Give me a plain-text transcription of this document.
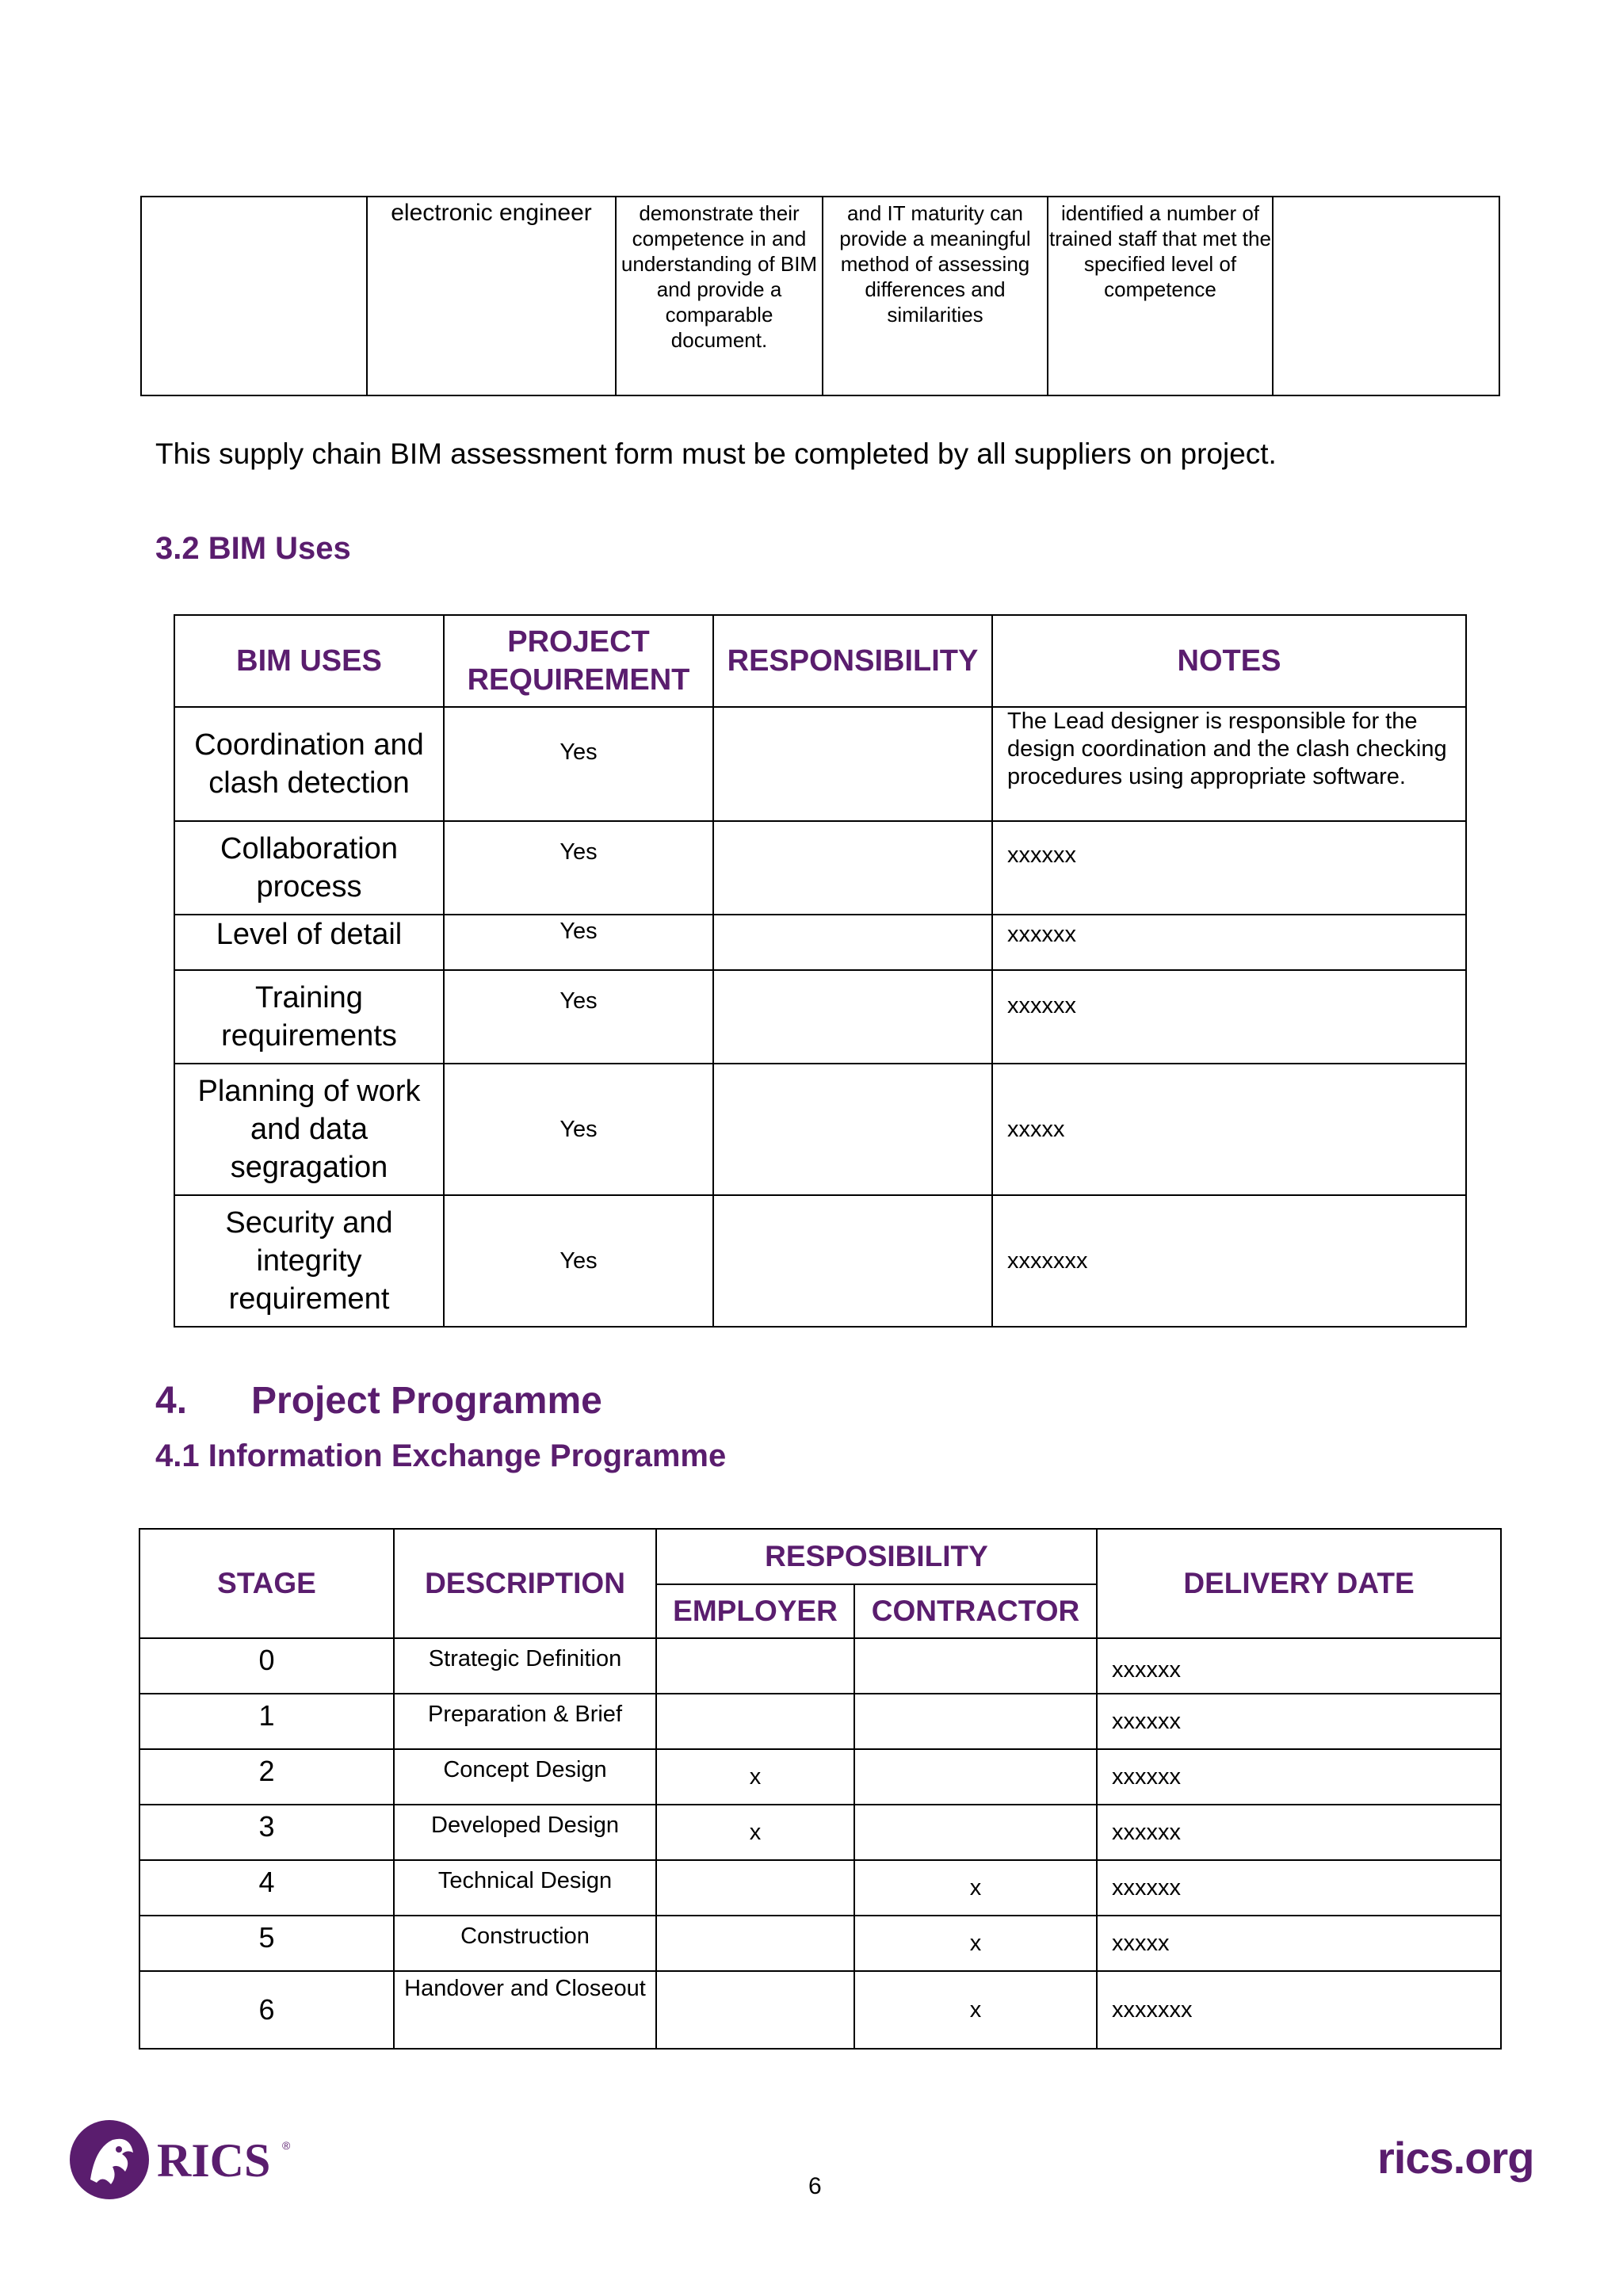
	electronic engineer	demonstrate their competence in and understanding of BIM and provide a comparable document.	and IT maturity can provide a meaningful method of assessing differences and similarities	identified a number of trained staff that met the specified level of competence	
This supply chain BIM assessment form must be completed by all suppliers on project.
3.2 BIM Uses
BIM USES	PROJECT REQUIREMENT	RESPONSIBILITY	NOTES
Coordination and clash detection	Yes		The Lead designer is responsible for the design coordination and the clash checking procedures using appropriate software.
Collaboration process	Yes		xxxxxx
Level of detail	Yes		xxxxxx
Training requirements	Yes		xxxxxx
Planning of work and data segragation	Yes		xxxxx
Security and integrity requirement	Yes		xxxxxxx
4. Project Programme
4.1 Information Exchange Programme
STAGE	DESCRIPTION	RESPOSIBILITY		DELIVERY DATE
		EMPLOYER	CONTRACTOR	
0	Strategic Definition			xxxxxx
1	Preparation & Brief			xxxxxx
2	Concept Design	x		xxxxxx
3	Developed Design	x		xxxxxx
4	Technical Design		x	xxxxxx
5	Construction		x	xxxxx
6	Handover and Closeout		x	xxxxxxx
RICS ®
6
rics.org
